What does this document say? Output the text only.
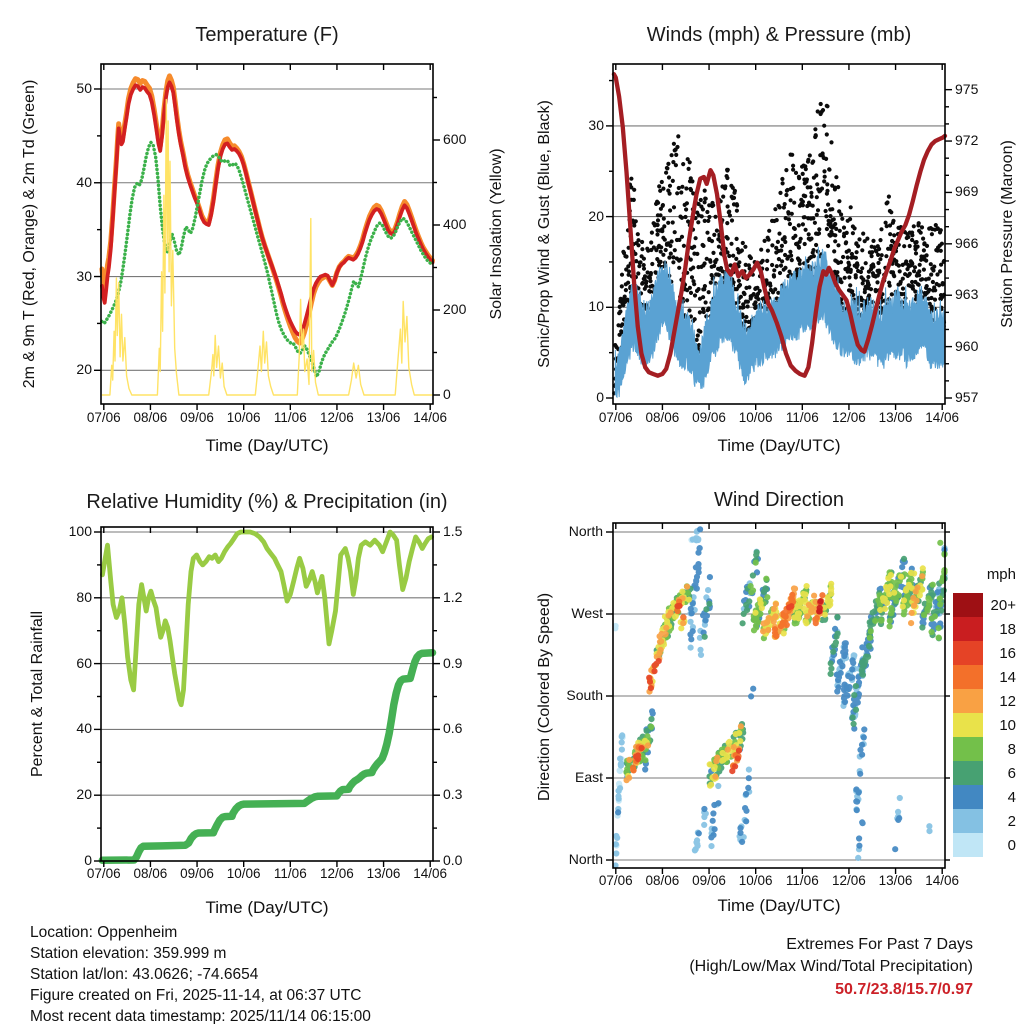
Temperature (F)	Winds (mph) & Pressure (mb)
Relative Humidity (%) & Precipitation (in)	Wind Direction
Time (Day/UTC)	Time (Day/UTC)
Time (Day/UTC)	Time (Day/UTC)
2m & 9m T (Red, Orange) & 2m Td (Green)	Solar Insolation (Yellow) Sonic/Prop Wind & Gust (Blue, Black)	Station Pressure (Maroon)
Percent & Total Rainfall	Direction (Colored By Speed)
mph
Location: Oppenheim
Station elevation: 359.999 m
Station lat/lon: 43.0626; -74.6654
Figure created on Fri, 2025-11-14, at 06:37 UTC
Most recent data timestamp: 2025/11/14 06:15:00
Extremes For Past 7 Days
(High/Low/Max Wind/Total Precipitation)
50.7/23.8/15.7/0.97
20+
18
16
14
12
10
8
6
4
2
0
07/06 08/06 09/06 10/06 11/06 12/06 13/06 14/06
20
30
40
50
0
200
400
600
07/06 08/06 09/06 10/06 11/06 12/06 13/06 14/06
0
10
20
30
957
960
963
966
969
972
975
07/06 08/06 09/06 10/06 11/06 12/06 13/06 14/06
0
20
40
60
80
100
0.0
0.3
0.6
0.9
1.2
1.5
07/06 08/06 09/06 10/06 11/06 12/06 13/06 14/06
North
West
South
East
North
